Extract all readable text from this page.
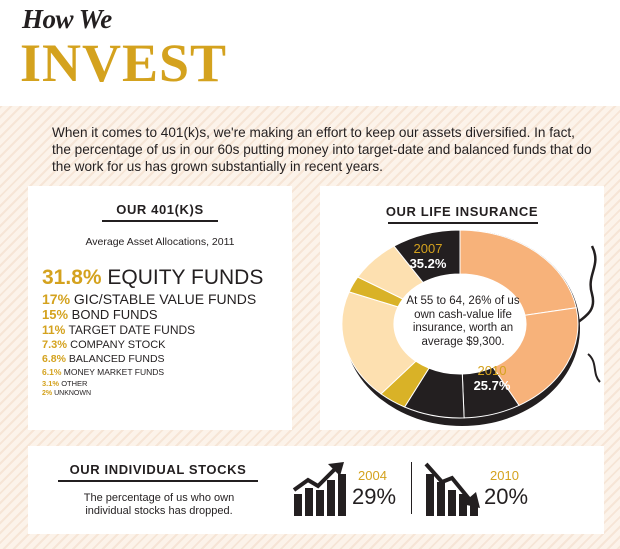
How We
INVEST

When it comes to 401(k)s, we're making an effort to keep our assets diversified. In fact, the percentage of us in our 60s putting money into target-date and balanced funds that do the work for us has grown substantially in recent years.

OUR 401(K)S
Average Asset Allocations, 2011
31.8% EQUITY FUNDS
17% GIC/STABLE VALUE FUNDS
15% BOND FUNDS
11% TARGET DATE FUNDS
7.3% COMPANY STOCK
6.8% BALANCED FUNDS
6.1% MONEY MARKET FUNDS
3.1% OTHER
2% UNKNOWN
OUR LIFE INSURANCE
2007
35.2%
2010
25.7%
At 55 to 64, 26% of us own cash-value life insurance, worth an average $9,300.
OUR INDIVIDUAL STOCKS
The percentage of us who own individual stocks has dropped.
2004
29%
2010
20%
